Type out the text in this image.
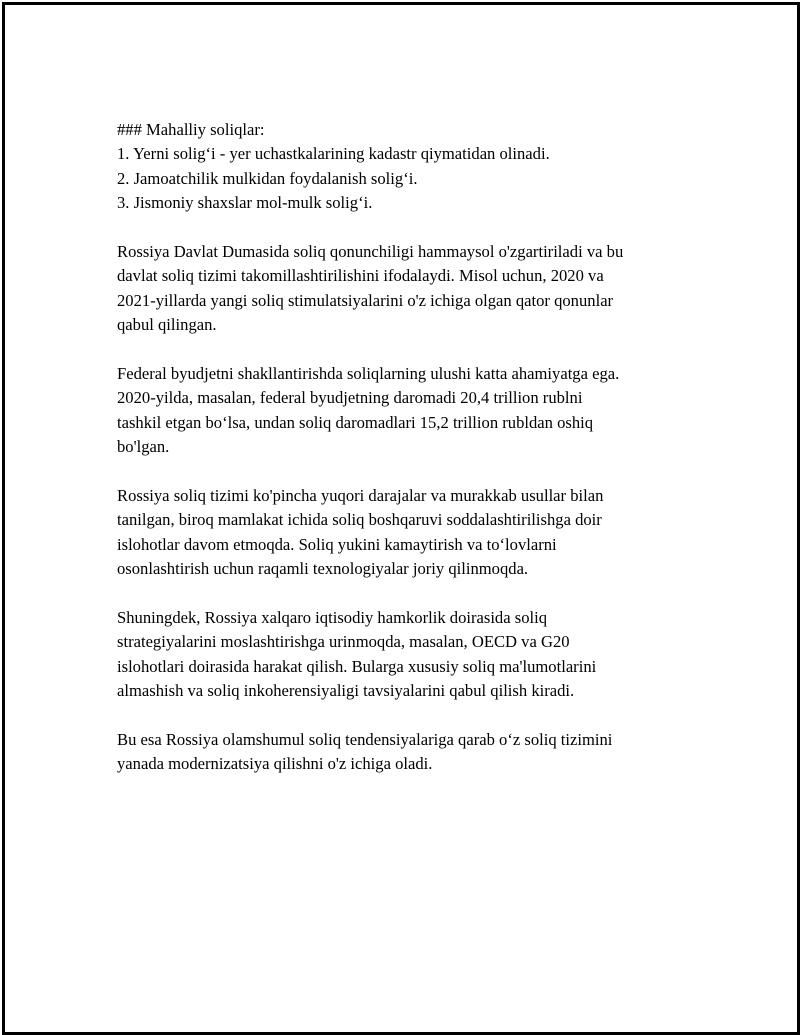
### Mahalliy soliqlar:
1. Yerni solig‘i - yer uchastkalarining kadastr qiymatidan olinadi.
2. Jamoatchilik mulkidan foydalanish solig‘i.
3. Jismoniy shaxslar mol-mulk solig‘i.
Rossiya Davlat Dumasida soliq qonunchiligi hammaysol o'zgartiriladi va bu
davlat soliq tizimi takomillashtirilishini ifodalaydi. Misol uchun, 2020 va
2021-yillarda yangi soliq stimulatsiyalarini o'z ichiga olgan qator qonunlar
qabul qilingan.
Federal byudjetni shakllantirishda soliqlarning ulushi katta ahamiyatga ega.
2020-yilda, masalan, federal byudjetning daromadi 20,4 trillion rublni
tashkil etgan bo‘lsa, undan soliq daromadlari 15,2 trillion rubldan oshiq
bo'lgan.
Rossiya soliq tizimi ko'pincha yuqori darajalar va murakkab usullar bilan
tanilgan, biroq mamlakat ichida soliq boshqaruvi soddalashtirilishga doir
islohotlar davom etmoqda. Soliq yukini kamaytirish va to‘lovlarni
osonlashtirish uchun raqamli texnologiyalar joriy qilinmoqda.
Shuningdek, Rossiya xalqaro iqtisodiy hamkorlik doirasida soliq
strategiyalarini moslashtirishga urinmoqda, masalan, OECD va G20
islohotlari doirasida harakat qilish. Bularga xususiy soliq ma'lumotlarini
almashish va soliq inkoherensiyaligi tavsiyalarini qabul qilish kiradi.
Bu esa Rossiya olamshumul soliq tendensiyalariga qarab o‘z soliq tizimini
yanada modernizatsiya qilishni o'z ichiga oladi.
